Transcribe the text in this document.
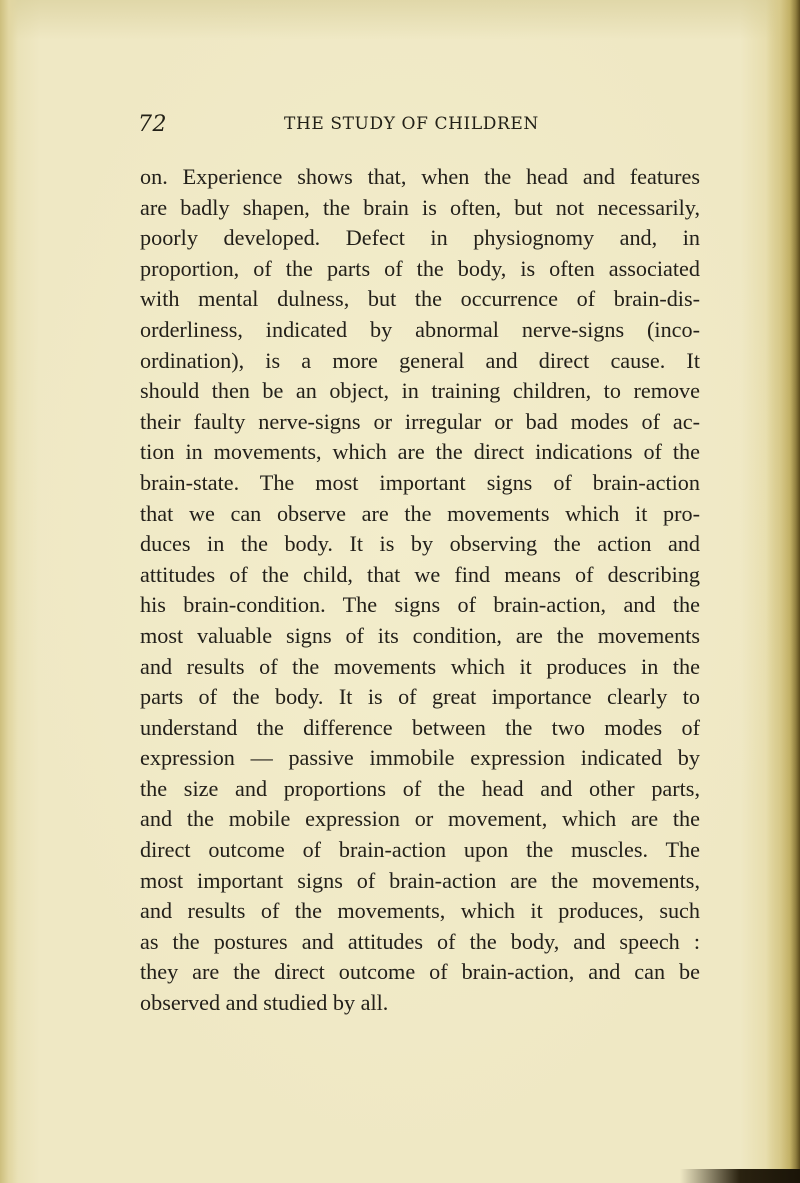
72	THE STUDY OF CHILDREN
on. Experience shows that, when the head and features
are badly shapen, the brain is often, but not necessarily,
poorly developed. Defect in physiognomy and, in
proportion, of the parts of the body, is often associated
with mental dulness, but the occurrence of brain-dis-
orderliness, indicated by abnormal nerve-signs (inco-
ordination), is a more general and direct cause. It
should then be an object, in training children, to remove
their faulty nerve-signs or irregular or bad modes of ac-
tion in movements, which are the direct indications of the
brain-state. The most important signs of brain-action
that we can observe are the movements which it pro-
duces in the body. It is by observing the action and
attitudes of the child, that we find means of describing
his brain-condition. The signs of brain-action, and the
most valuable signs of its condition, are the movements
and results of the movements which it produces in the
parts of the body. It is of great importance clearly to
understand the difference between the two modes of
expression — passive immobile expression indicated by
the size and proportions of the head and other parts,
and the mobile expression or movement, which are the
direct outcome of brain-action upon the muscles. The
most important signs of brain-action are the movements,
and results of the movements, which it produces, such
as the postures and attitudes of the body, and speech :
they are the direct outcome of brain-action, and can be
observed and studied by all.
